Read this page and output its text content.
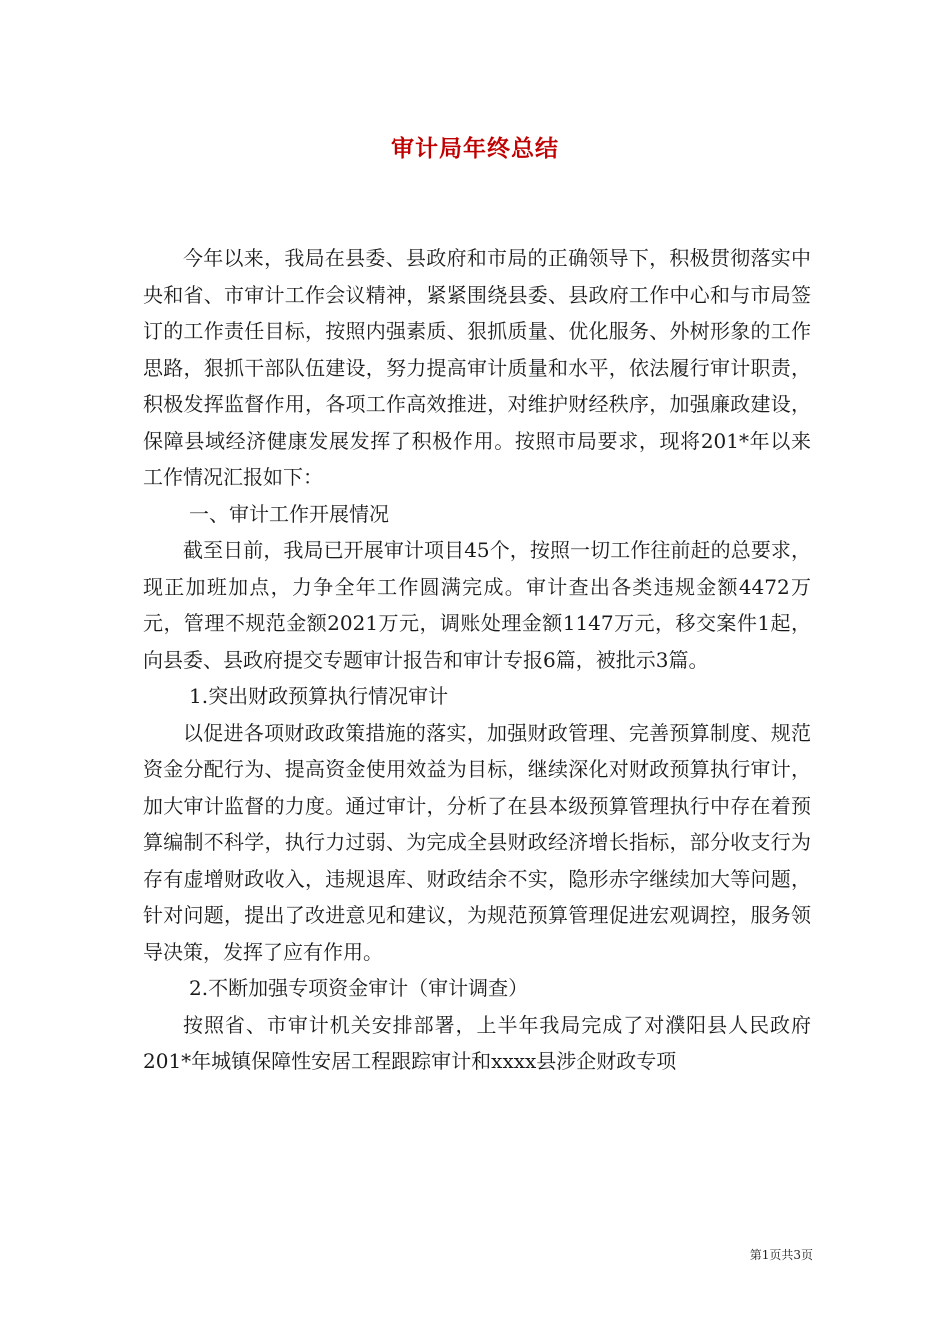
审计局年终总结

今年以来，我局在县委、县政府和市局的正确领导下，积极贯彻落实中央和省、市审计工作会议精神，紧紧围绕县委、县政府工作中心和与市局签订的工作责任目标，按照内强素质、狠抓质量、优化服务、外树形象的工作思路，狠抓干部队伍建设，努力提高审计质量和水平，依法履行审计职责，积极发挥监督作用，各项工作高效推进，对维护财经秩序，加强廉政建设，保障县域经济健康发展发挥了积极作用。按照市局要求，现将201*年以来工作情况汇报如下：

一、审计工作开展情况

截至日前，我局已开展审计项目45个，按照一切工作往前赶的总要求，现正加班加点，力争全年工作圆满完成。审计查出各类违规金额4472万元，管理不规范金额2021万元，调账处理金额1147万元，移交案件1起，向县委、县政府提交专题审计报告和审计专报6篇，被批示3篇。

1.突出财政预算执行情况审计

以促进各项财政政策措施的落实，加强财政管理、完善预算制度、规范资金分配行为、提高资金使用效益为目标，继续深化对财政预算执行审计，加大审计监督的力度。通过审计，分析了在县本级预算管理执行中存在着预算编制不科学，执行力过弱、为完成全县财政经济增长指标，部分收支行为存有虚增财政收入，违规退库、财政结余不实，隐形赤字继续加大等问题，针对问题，提出了改进意见和建议，为规范预算管理促进宏观调控，服务领导决策，发挥了应有作用。

2.不断加强专项资金审计（审计调查）

按照省、市审计机关安排部署，上半年我局完成了对濮阳县人民政府201*年城镇保障性安居工程跟踪审计和xxxx县涉企财政专项

第1页共3页
